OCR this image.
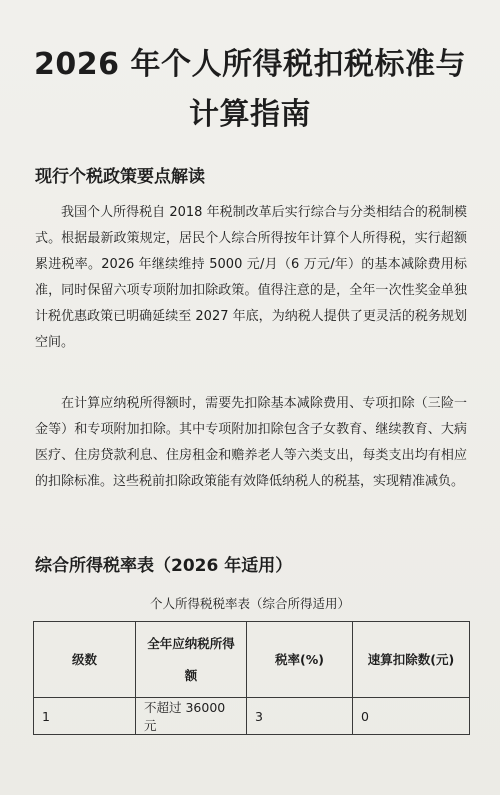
2026 年个人所得税扣税标准与计算指南
现行个税政策要点解读
我国个人所得税自 2018 年税制改革后实行综合与分类相结合的税制模式。根据最新政策规定，居民个人综合所得按年计算个人所得税，实行超额累进税率。2026 年继续维持 5000 元/月（6 万元/年）的基本减除费用标准，同时保留六项专项附加扣除政策。值得注意的是，全年一次性奖金单独计税优惠政策已明确延续至 2027 年底，为纳税人提供了更灵活的税务规划空间。
在计算应纳税所得额时，需要先扣除基本减除费用、专项扣除（三险一金等）和专项附加扣除。其中专项附加扣除包含子女教育、继续教育、大病医疗、住房贷款利息、住房租金和赡养老人等六类支出，每类支出均有相应的扣除标准。这些税前扣除政策能有效降低纳税人的税基，实现精准减负。
综合所得税率表（2026 年适用）
个人所得税税率表（综合所得适用）
级数	全年应纳税所得额	税率(%)	速算扣除数(元)
1	不超过 36000 元	3	0
